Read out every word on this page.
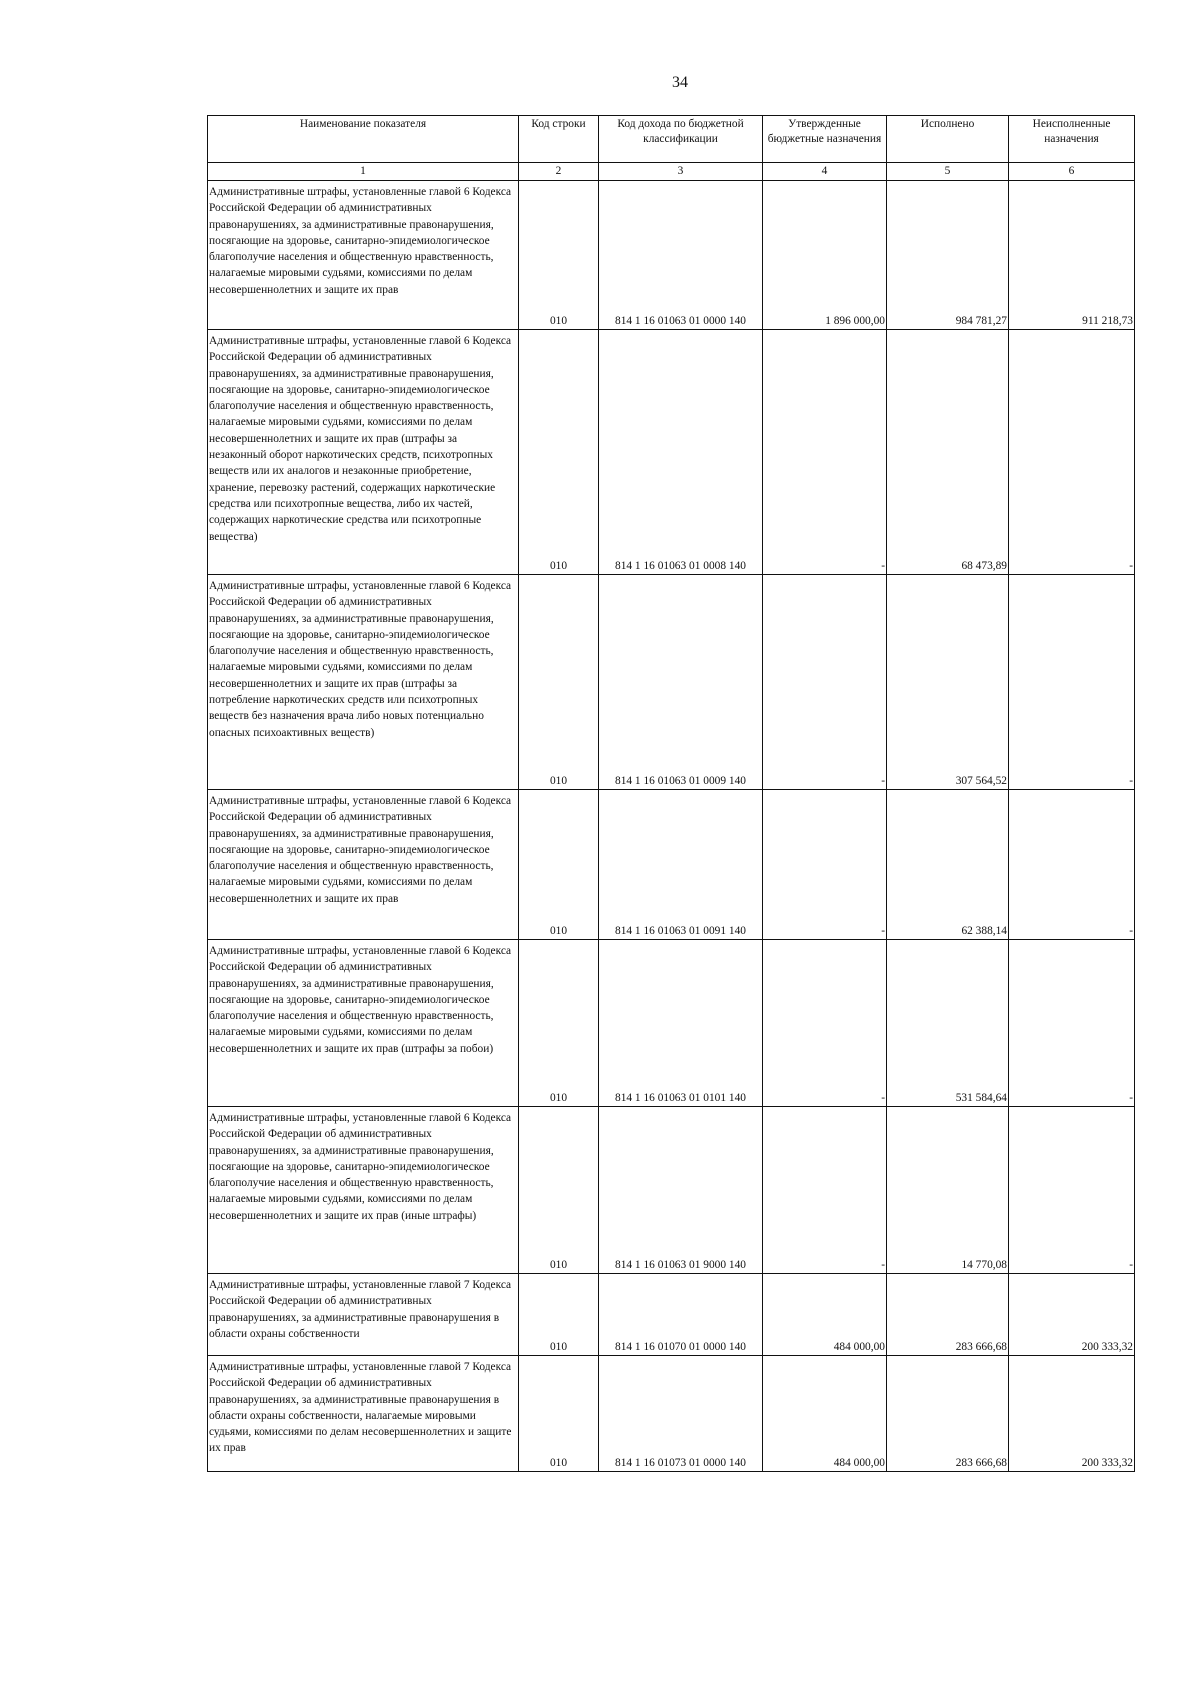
34
Наименование показателя	Код строки	Код дохода по бюджетной классификации	Утвержденные бюджетные назначения	Исполнено	Неисполненные назначения
1	2	3	4	5	6
Административные штрафы, установленные главой 6 Кодекса Российской Федерации об административных правонарушениях, за административные правонарушения, посягающие на здоровье, санитарно-эпидемиологическое благополучие населения и общественную нравственность, налагаемые мировыми судьями, комиссиями по делам несовершеннолетних и защите их прав	010	814 1 16 01063 01 0000 140	1 896 000,00	984 781,27	911 218,73
Административные штрафы, установленные главой 6 Кодекса Российской Федерации об административных правонарушениях, за административные правонарушения, посягающие на здоровье, санитарно-эпидемиологическое благополучие населения и общественную нравственность, налагаемые мировыми судьями, комиссиями по делам несовершеннолетних и защите их прав (штрафы за незаконный оборот наркотических средств, психотропных веществ или их аналогов и незаконные приобретение, хранение, перевозку растений, содержащих наркотические средства или психотропные вещества, либо их частей, содержащих наркотические средства или психотропные вещества)	010	814 1 16 01063 01 0008 140	-	68 473,89	-
Административные штрафы, установленные главой 6 Кодекса Российской Федерации об административных правонарушениях, за административные правонарушения, посягающие на здоровье, санитарно-эпидемиологическое благополучие населения и общественную нравственность, налагаемые мировыми судьями, комиссиями по делам несовершеннолетних и защите их прав (штрафы за потребление наркотических средств или психотропных веществ без назначения врача либо новых потенциально опасных психоактивных веществ)	010	814 1 16 01063 01 0009 140	-	307 564,52	-
Административные штрафы, установленные главой 6 Кодекса Российской Федерации об административных правонарушениях, за административные правонарушения, посягающие на здоровье, санитарно-эпидемиологическое благополучие населения и общественную нравственность, налагаемые мировыми судьями, комиссиями по делам несовершеннолетних и защите их прав	010	814 1 16 01063 01 0091 140	-	62 388,14	-
Административные штрафы, установленные главой 6 Кодекса Российской Федерации об административных правонарушениях, за административные правонарушения, посягающие на здоровье, санитарно-эпидемиологическое благополучие населения и общественную нравственность, налагаемые мировыми судьями, комиссиями по делам несовершеннолетних и защите их прав (штрафы за побои)	010	814 1 16 01063 01 0101 140	-	531 584,64	-
Административные штрафы, установленные главой 6 Кодекса Российской Федерации об административных правонарушениях, за административные правонарушения, посягающие на здоровье, санитарно-эпидемиологическое благополучие населения и общественную нравственность, налагаемые мировыми судьями, комиссиями по делам несовершеннолетних и защите их прав (иные штрафы)	010	814 1 16 01063 01 9000 140	-	14 770,08	-
Административные штрафы, установленные главой 7 Кодекса Российской Федерации об административных правонарушениях, за административные правонарушения в области охраны собственности	010	814 1 16 01070 01 0000 140	484 000,00	283 666,68	200 333,32
Административные штрафы, установленные главой 7 Кодекса Российской Федерации об административных правонарушениях, за административные правонарушения в области охраны собственности, налагаемые мировыми судьями, комиссиями по делам несовершеннолетних и защите их прав	010	814 1 16 01073 01 0000 140	484 000,00	283 666,68	200 333,32
